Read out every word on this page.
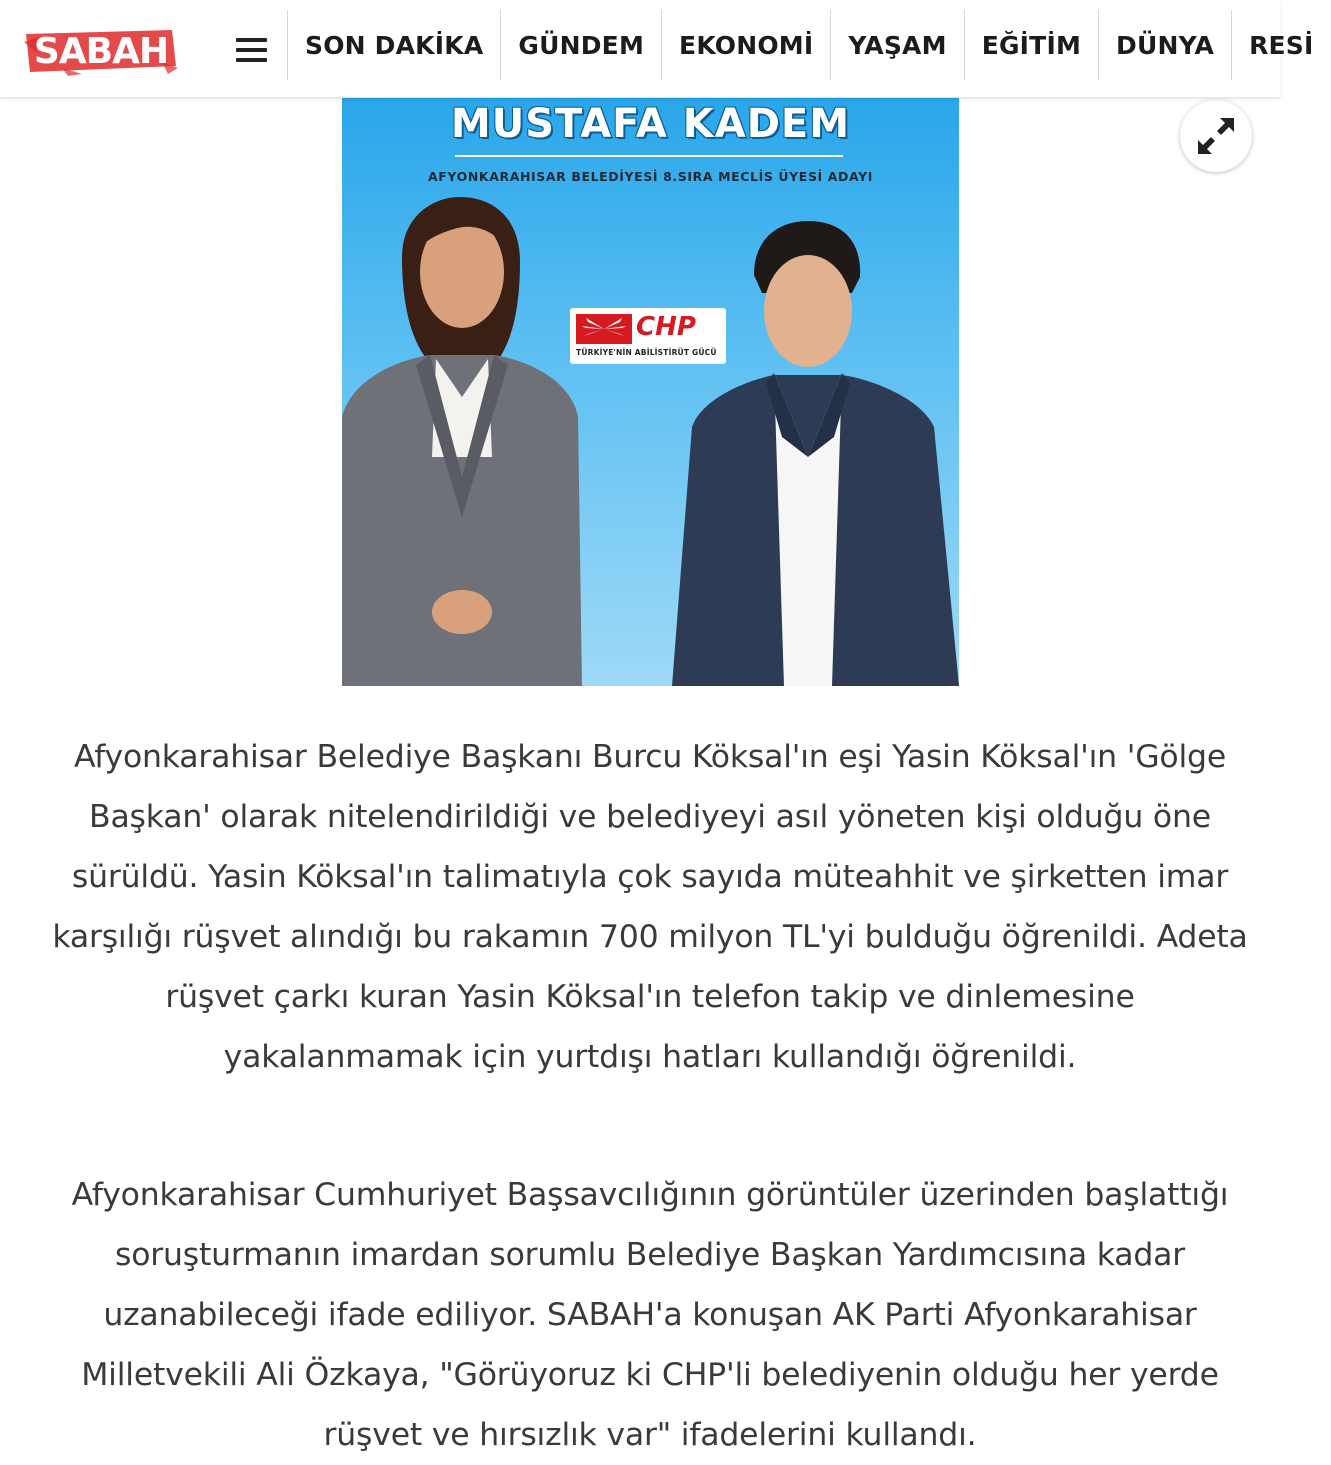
SABAH	SON DAKİKA	GÜNDEM	EKONOMİ	YAŞAM	EĞİTİM	DÜNYA	RESİ
MUSTAFA KADEM
AFYONKARAHISAR BELEDİYESİ 8.SIRA MECLİS ÜYESİ ADAYI
CHP
TÜRKİYE'NİN ABİLİSTİRÜT GÜCÜ

Afyonkarahisar Belediye Başkanı Burcu Köksal'ın eşi Yasin Köksal'ın 'Gölge Başkan' olarak nitelendirildiği ve belediyeyi asıl yöneten kişi olduğu öne sürüldü. Yasin Köksal'ın talimatıyla çok sayıda müteahhit ve şirketten imar karşılığı rüşvet alındığı bu rakamın 700 milyon TL'yi bulduğu öğrenildi. Adeta rüşvet çarkı kuran Yasin Köksal'ın telefon takip ve dinlemesine yakalanmamak için yurtdışı hatları kullandığı öğrenildi.

Afyonkarahisar Cumhuriyet Başsavcılığının görüntüler üzerinden başlattığı soruşturmanın imardan sorumlu Belediye Başkan Yardımcısına kadar uzanabileceği ifade ediliyor. SABAH'a konuşan AK Parti Afyonkarahisar Milletvekili Ali Özkaya, "Görüyoruz ki CHP'li belediyenin olduğu her yerde rüşvet ve hırsızlık var" ifadelerini kullandı.
